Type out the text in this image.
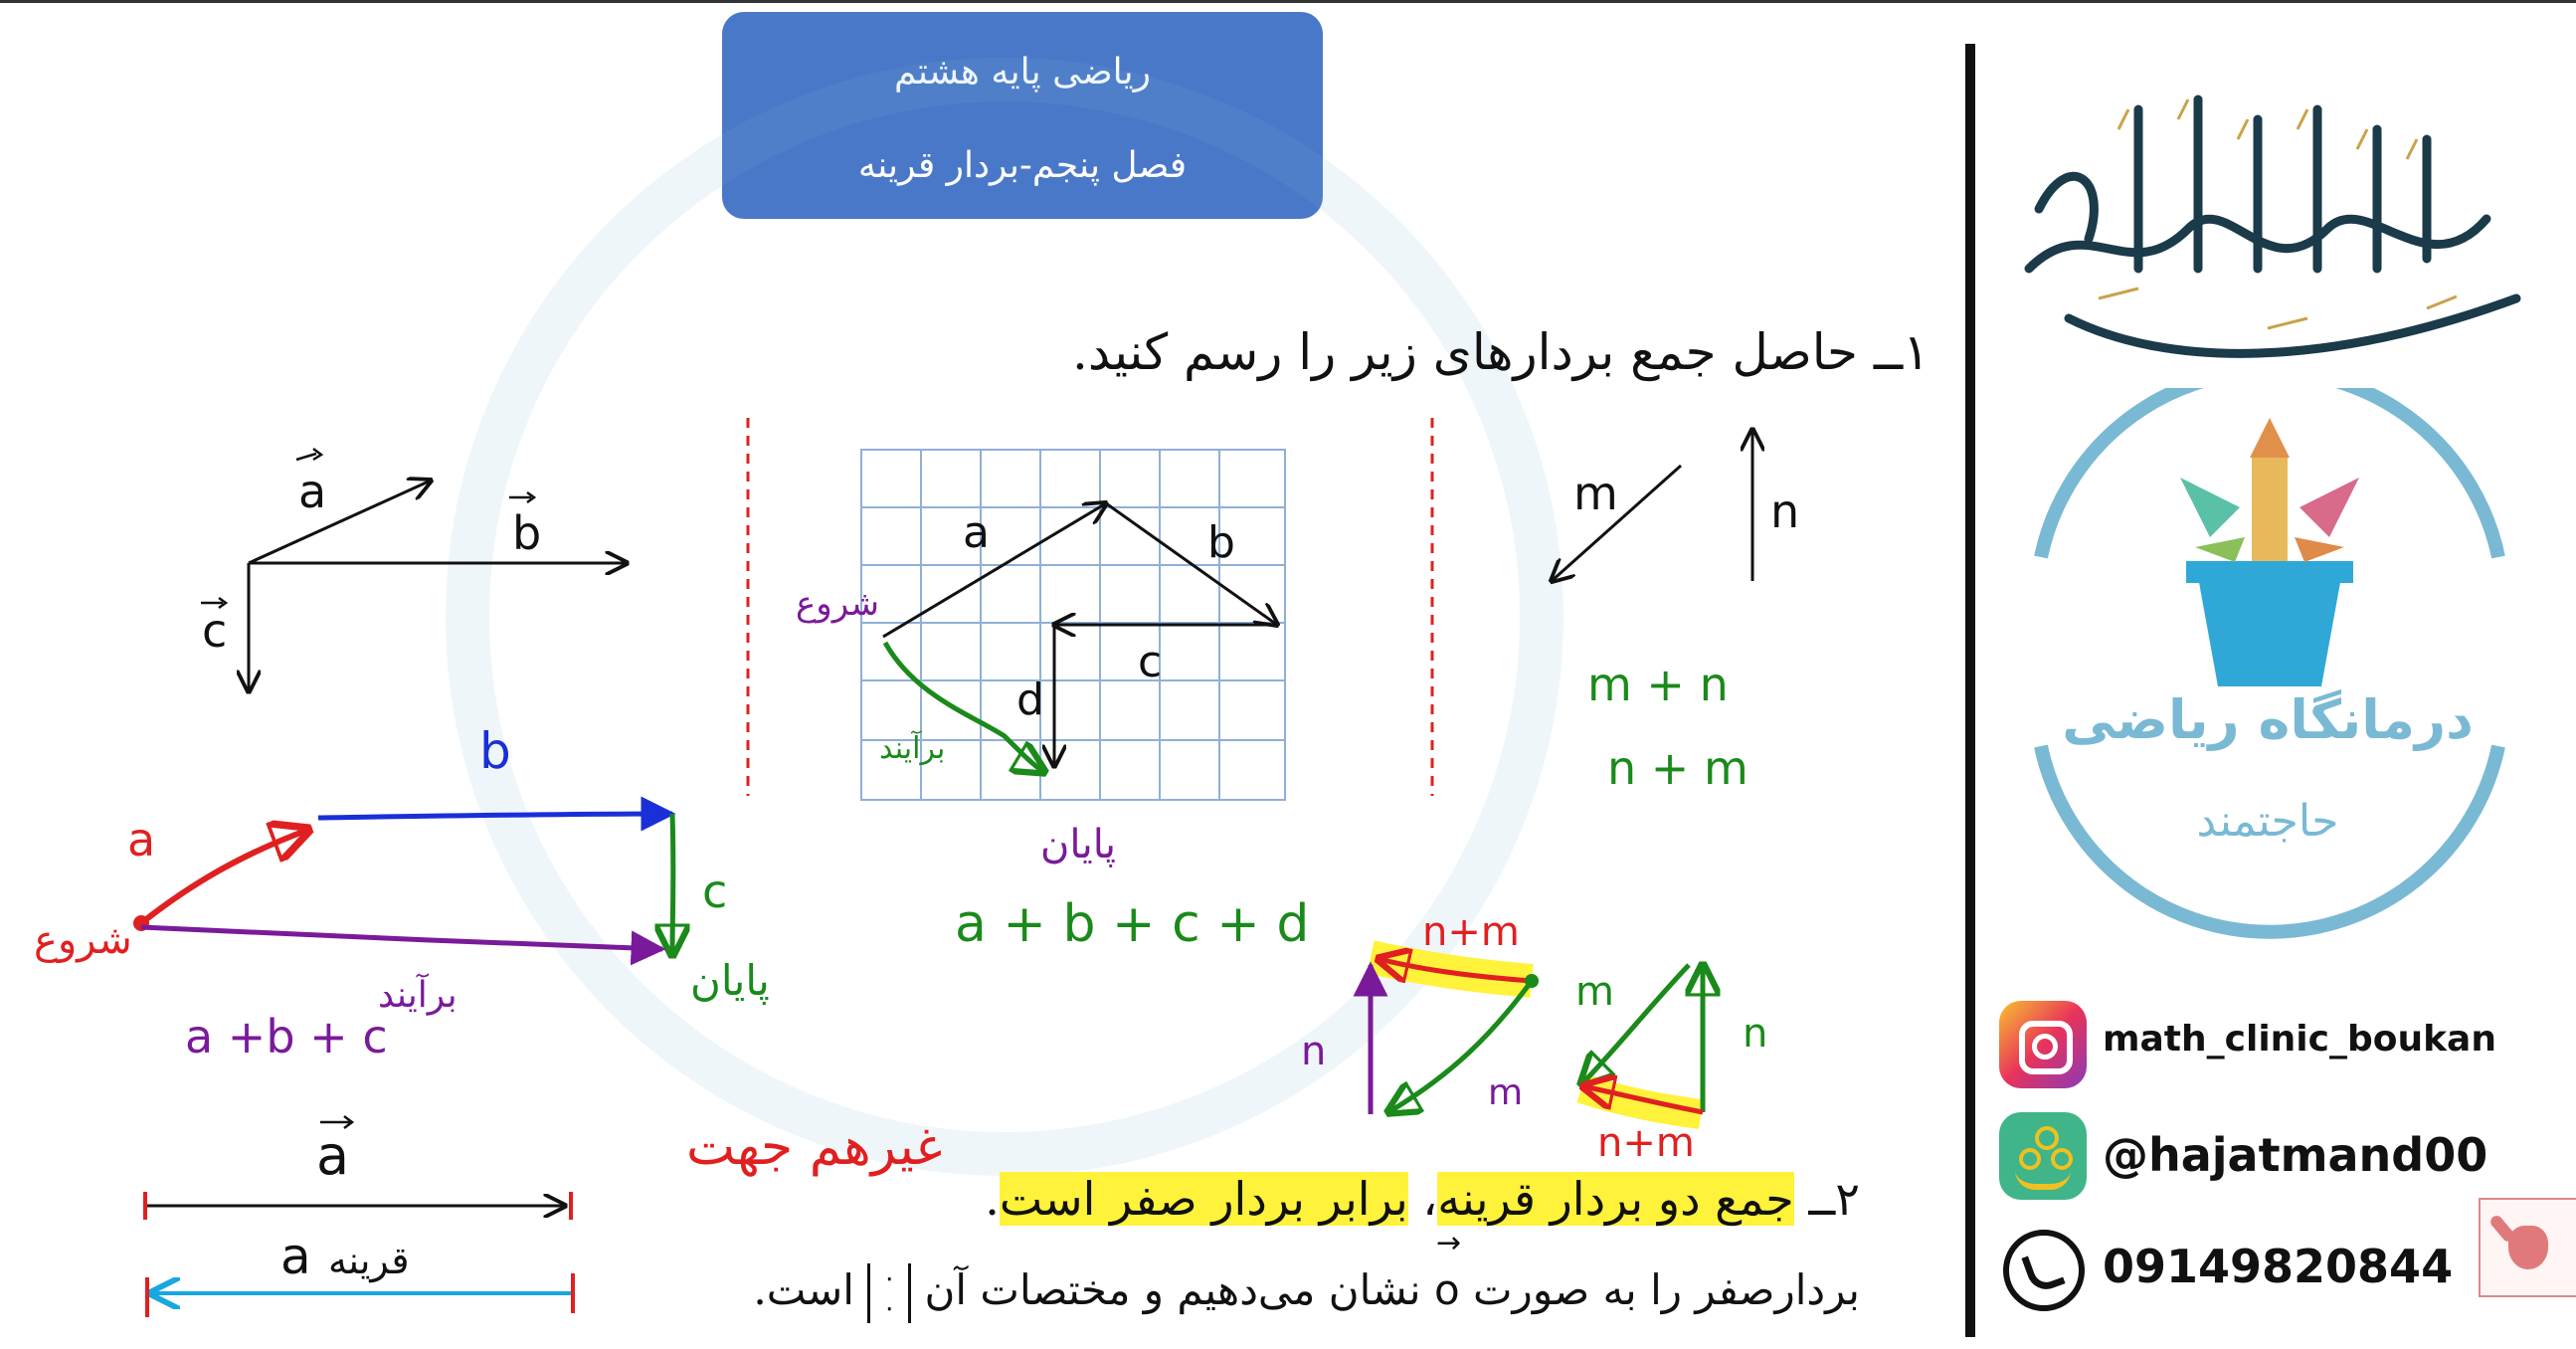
ریاضی پایه هشتم
فصل پنجم-بردار قرینه
a
b
c
a
b
c
شروع
پایان
برآیند
a +b + c
a	b
c
d
شروع
برآیند
پایان
a + b + c + d
m	n
m + n
n + m
n+m
n
m
m
n
n+m
a
a قرینه
غیرهم جهت
۱ــ حاصل جمع بردارهای زیر را رسم کنید.
۲ــ جمع دو بردار قرینه، برابر بردار صفر است.
بردارصفر را به صورت
→
o نشان می‌دهیم و مختصات آن ۰
۰ است.
درمانگاه ریاضی
حاجتمند
math_clinic_boukan
@hajatmand00
09149820844
